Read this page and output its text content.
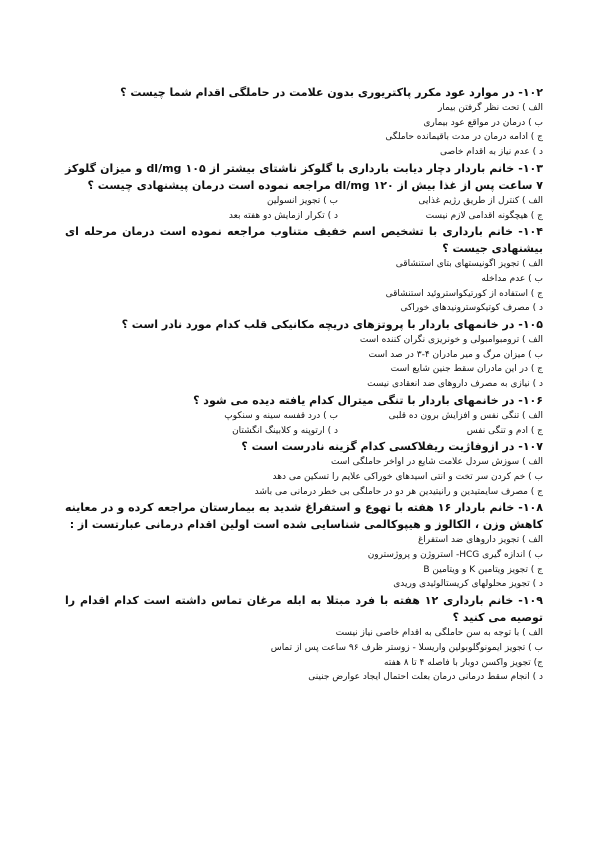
۱۰۲- در موارد عود مکرر پاکتریوری بدون علامت در حاملگی اقدام شما چیست ؟

الف ) تحت نظر گرفتن بیمار

ب ) درمان در مواقع عود بیماری

ج ) ادامه درمان در مدت باقیمانده حاملگی

د ) عدم نیاز به اقدام خاصی

۱۰۳- خانم باردار دچار دیابت بارداری با گلوکز ناشتای بیشتر از ۱۰۵ dl/mg و میزان گلوکز ۷ ساعت پس از غذا بیش از ۱۲۰ dl/mg مراجعه نموده است درمان پیشنهادی چیست ؟

الف ) کنترل از طریق رژیم غذایی
ب ) تجویز انسولین
ج ) هیچگونه اقدامی لازم نیست
د ) تکرار ازمایش دو هفته بعد

۱۰۴- خانم بارداری با تشخیص اسم خفیف متناوب مراجعه نموده است درمان مرحله ای بیشنهادی جیست ؟

الف ) تجویز اگونیستهای بتای استنشاقی

ب ) عدم مداخله

ج ) استفاده از کورتیکواستروئید استنشاقی

د ) مصرف کوتیکوسترونیدهای خوراکی

۱۰۵- در خانمهای باردار با پروتزهای دریچه مکانیکی قلب کدام مورد نادر است ؟

الف ) ترومبوامبولی و خونریزی نگران کننده است

ب ) میزان مرگ و میر مادران ۴-۳ در صد است

ج ) در این مادران سقط جنین شایع است

د ) نیازی به مصرف داروهای ضد انعقادی نیست

۱۰۶- در خانمهای باردار با تنگی میترال کدام یافته دیده می شود ؟

الف ) تنگی نفس و افزایش برون ده قلبی
ب ) درد قفسه سینه و سنکوپ
ج ) ادم و تنگی نفس
د ) ارتوپنه و کلابینگ انگشتان

۱۰۷- در ازوفاژیت ریفلاکسی کدام گزینه نادرست است ؟

الف ) سوزش سردل علامت شایع در اواخر حاملگی است

ب ) خم کردن سر تخت و انتی اسیدهای خوراکی علایم را تسکین می دهد

ج ) مصرف سایمتیدین و رانیتیدین هر دو در حاملگی بی خطر درمانی می باشد

۱۰۸- خانم باردار ۱۶ هفته با تهوع و استفراغ شدید به بیمارستان مراجعه کرده و در معاینه کاهش وزن ، الکالوز و هیپوکالمی شناسایی شده است اولین اقدام درمانی عبارتست از :

الف ) تجویز داروهای ضد استفراغ

ب ) اندازه گیری HCG- استروژن و پروژسترون

ج ) تجویز ویتامین K و ویتامین B

د ) تجویز محلولهای کریستالوئیدی وریدی

۱۰۹- خانم بارداری ۱۲ هفته با فرد مبتلا به ابله مرغان تماس داشته است کدام اقدام را توصیه می کنید ؟

الف ) با توجه به سن حاملگی به اقدام خاصی نیاز نیست

ب ) تجویز ایمونوگلوبولین واریسلا - زوستر ظرف ۹۶ ساعت پس از تماس

ج) تجویز واکسن دوبار با فاصله ۴ تا ۸ هفته

د ) انجام سقط درمانی درمان بعلت احتمال ایجاد عوارض جنینی
